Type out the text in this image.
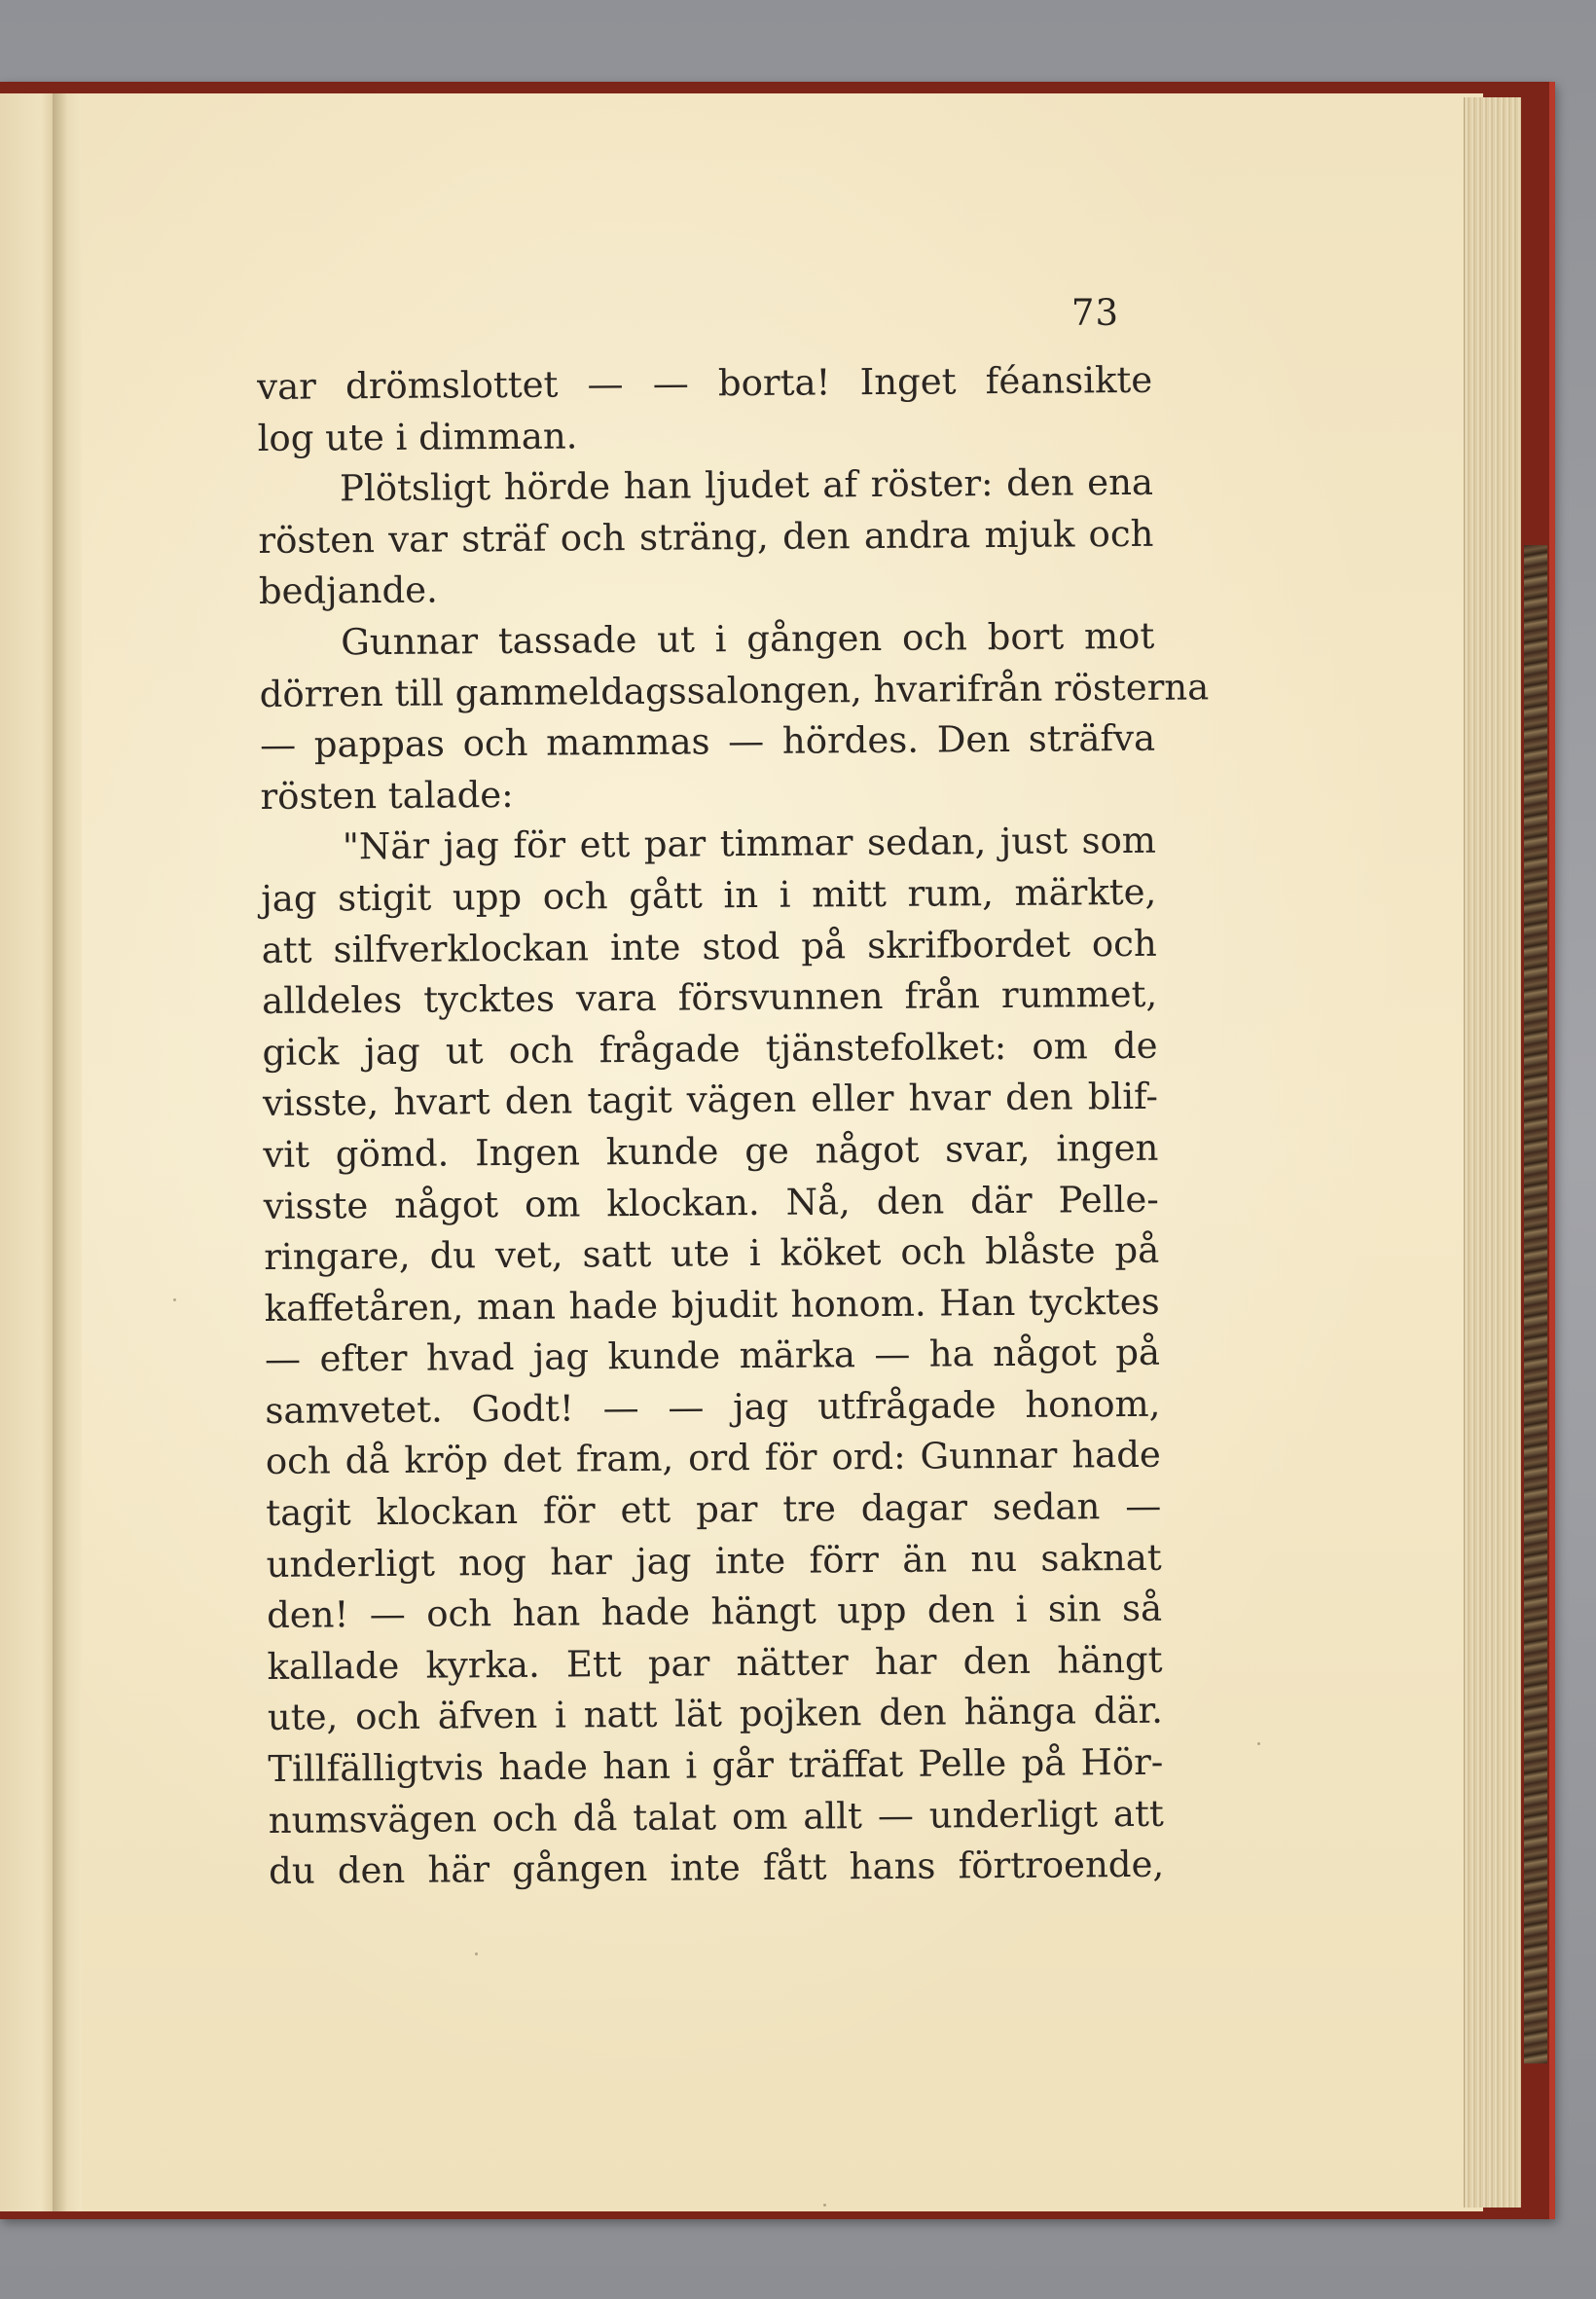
73
var drömslottet — — borta! Inget féansikte
log ute i dimman.
Plötsligt hörde han ljudet af röster: den ena
rösten var sträf och sträng, den andra mjuk och
bedjande.
Gunnar tassade ut i gången och bort mot
dörren till gammeldagssalongen, hvarifrån rösterna
— pappas och mammas — hördes. Den sträfva
rösten talade:
"När jag för ett par timmar sedan, just som
jag stigit upp och gått in i mitt rum, märkte,
att silfverklockan inte stod på skrifbordet och
alldeles tycktes vara försvunnen från rummet,
gick jag ut och frågade tjänstefolket: om de
visste, hvart den tagit vägen eller hvar den blif-
vit gömd. Ingen kunde ge något svar, ingen
visste något om klockan. Nå, den där Pelle-
ringare, du vet, satt ute i köket och blåste på
kaffetåren, man hade bjudit honom. Han tycktes
— efter hvad jag kunde märka — ha något på
samvetet. Godt! — — jag utfrågade honom,
och då kröp det fram, ord för ord: Gunnar hade
tagit klockan för ett par tre dagar sedan —
underligt nog har jag inte förr än nu saknat
den! — och han hade hängt upp den i sin så
kallade kyrka. Ett par nätter har den hängt
ute, och äfven i natt lät pojken den hänga där.
Tillfälligtvis hade han i går träffat Pelle på Hör-
numsvägen och då talat om allt — underligt att
du den här gången inte fått hans förtroende,
